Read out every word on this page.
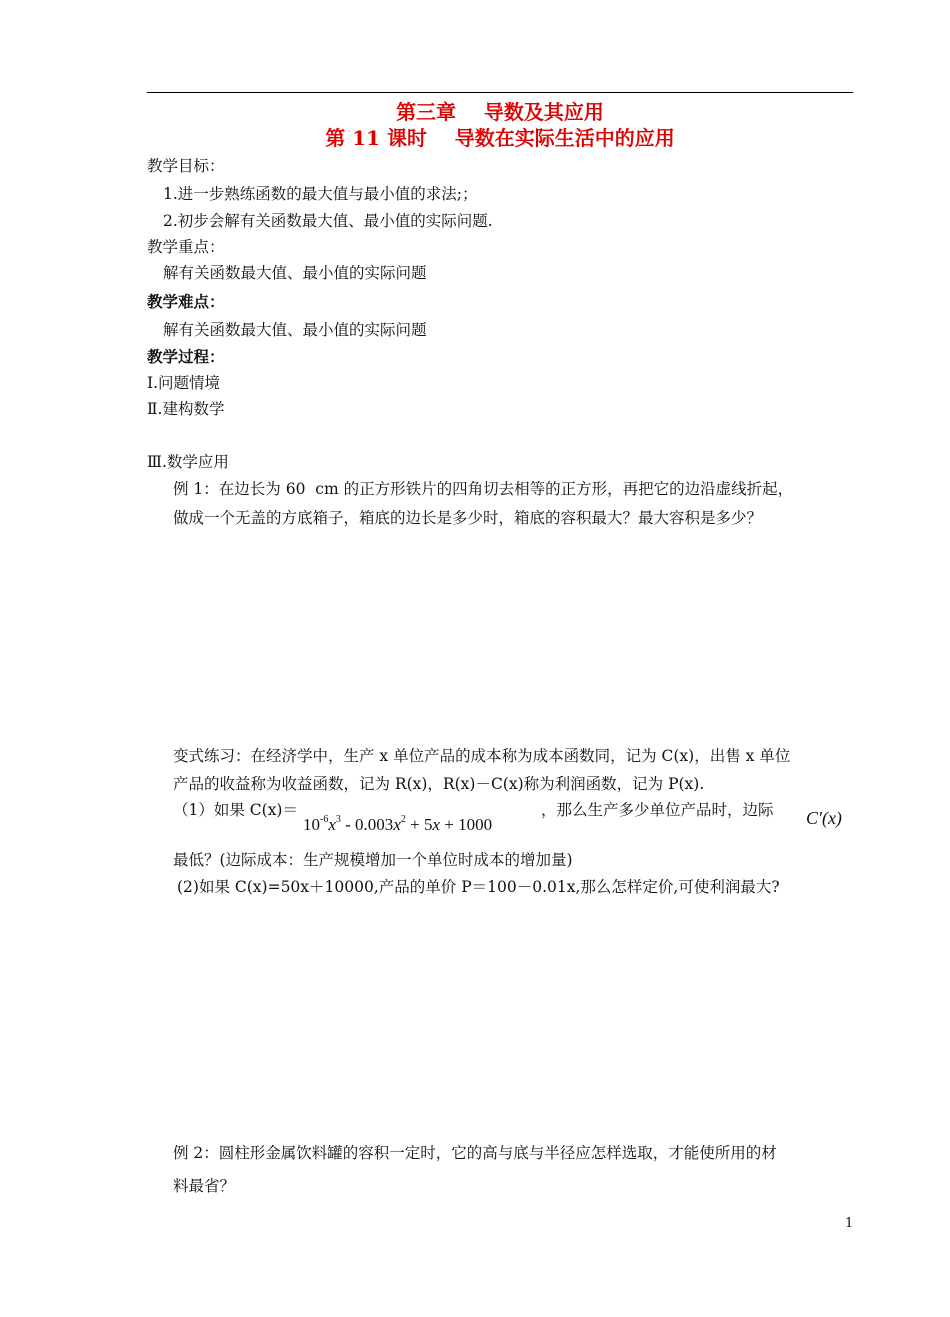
第三章    导数及其应用
第 11 课时    导数在实际生活中的应用
教学目标：
1.进一步熟练函数的最大值与最小值的求法;；
2.初步会解有关函数最大值、最小值的实际问题.
教学重点：
解有关函数最大值、最小值的实际问题
教学难点：
解有关函数最大值、最小值的实际问题
教学过程：
Ⅰ.问题情境
Ⅱ.建构数学
Ⅲ.数学应用
例 1：在边长为 60  cm 的正方形铁片的四角切去相等的正方形，再把它的边沿虚线折起，
做成一个无盖的方底箱子，箱底的边长是多少时，箱底的容积最大？最大容积是多少？
变式练习：在经济学中，生产 x 单位产品的成本称为成本函数同，记为 C(x)，出售 x 单位
产品的收益称为收益函数，记为 R(x)，R(x)－C(x)称为利润函数，记为 P(x).
（1）如果 C(x)＝
$10^{-6}x^3 - 0.003x^2 + 5x + 1000$
，那么生产多少单位产品时，边际 C′(x)
最低？(边际成本：生产规模增加一个单位时成本的增加量)
(2)如果 C(x)=50x＋10000,产品的单价 P＝100－0.01x,那么怎样定价,可使利润最大?
例 2：圆柱形金属饮料罐的容积一定时，它的高与底与半径应怎样选取，才能使所用的材
料最省？
1
